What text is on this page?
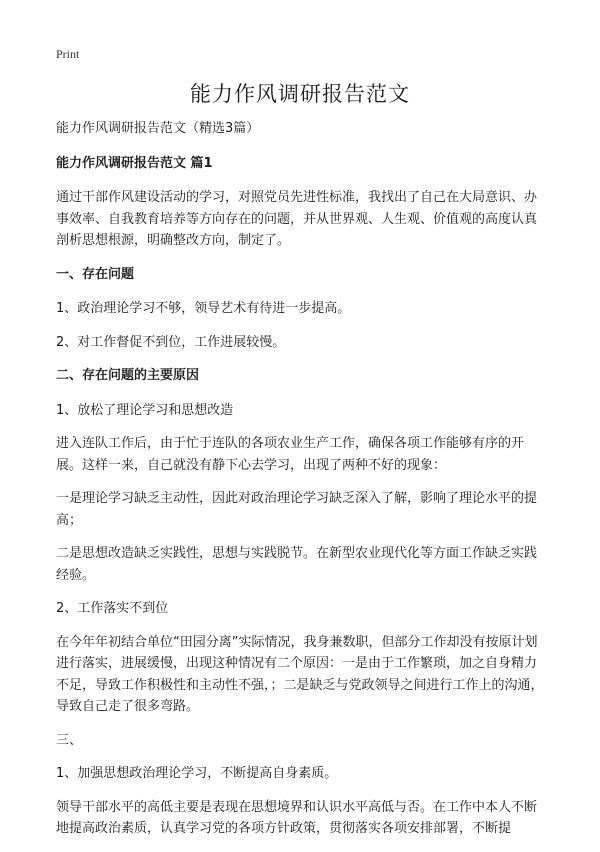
Print
能力作风调研报告范文

能力作风调研报告范文（精选3篇）

能力作风调研报告范文 篇1

通过干部作风建设活动的学习，对照党员先进性标准，我找出了自己在大局意识、办事效率、自我教育培养等方向存在的问题，并从世界观、人生观、价值观的高度认真剖析思想根源，明确整改方向，制定了。

一、存在问题

1、政治理论学习不够，领导艺术有待进一步提高。

2、对工作督促不到位，工作进展较慢。

二、存在问题的主要原因

1、放松了理论学习和思想改造

进入连队工作后，由于忙于连队的各项农业生产工作，确保各项工作能够有序的开展。这样一来，自己就没有静下心去学习，出现了两种不好的现象：

一是理论学习缺乏主动性，因此对政治理论学习缺乏深入了解，影响了理论水平的提高；

二是思想改造缺乏实践性，思想与实践脱节。在新型农业现代化等方面工作缺乏实践经验。

2、工作落实不到位

在今年年初结合单位“田园分离”实际情况，我身兼数职，但部分工作却没有按原计划进行落实，进展缓慢，出现这种情况有二个原因：一是由于工作繁琐，加之自身精力不足，导致工作积极性和主动性不强，；二是缺乏与党政领导之间进行工作上的沟通，导致自己走了很多弯路。

三、

1、加强思想政治理论学习，不断提高自身素质。

领导干部水平的高低主要是表现在思想境界和认识水平高低与否。在工作中本人不断地提高政治素质，认真学习党的各项方针政策，贯彻落实各项安排部署，不断提
